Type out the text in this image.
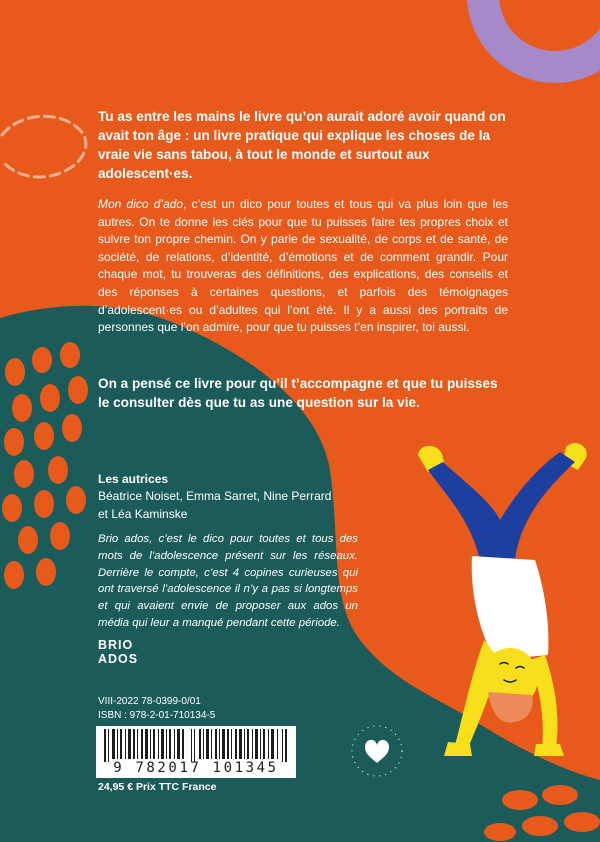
Tu as entre les mains le livre qu’on aurait adoré avoir quand on avait ton âge : un livre pratique qui explique les choses de la vraie vie sans tabou, à tout le monde et surtout aux adolescent·es.

Mon dico d’ado, c’est un dico pour toutes et tous qui va plus loin que les autres. On te donne les clés pour que tu puisses faire tes propres choix et suivre ton propre chemin. On y parle de sexualité, de corps et de santé, de société, de relations, d’identité, d’émotions et de comment grandir. Pour chaque mot, tu trouveras des définitions, des explications, des conseils et des réponses à certaines questions, et parfois des témoignages d’adolescent·es ou d’adultes qui l’ont été. Il y a aussi des portraits de personnes que l’on admire, pour que tu puisses t’en inspirer, toi aussi.

On a pensé ce livre pour qu’il t’accompagne et que tu puisses le consulter dès que tu as une question sur la vie.
Les autrices
Béatrice Noiset, Emma Sarret, Nine Perrard
et Léa Kaminske
Brio ados, c’est le dico pour toutes et tous des mots de l’adolescence présent sur les réseaux. Derrière le compte, c’est 4 copines curieuses qui ont traversé l’adolescence il n’y a pas si longtemps et qui avaient envie de proposer aux ados un média qui leur a manqué pendant cette période.
BRIO
ADOS
VIII-2022 78-0399-0/01
ISBN : 978-2-01-710134-5
9 782017 101345
24,95 € Prix TTC France
